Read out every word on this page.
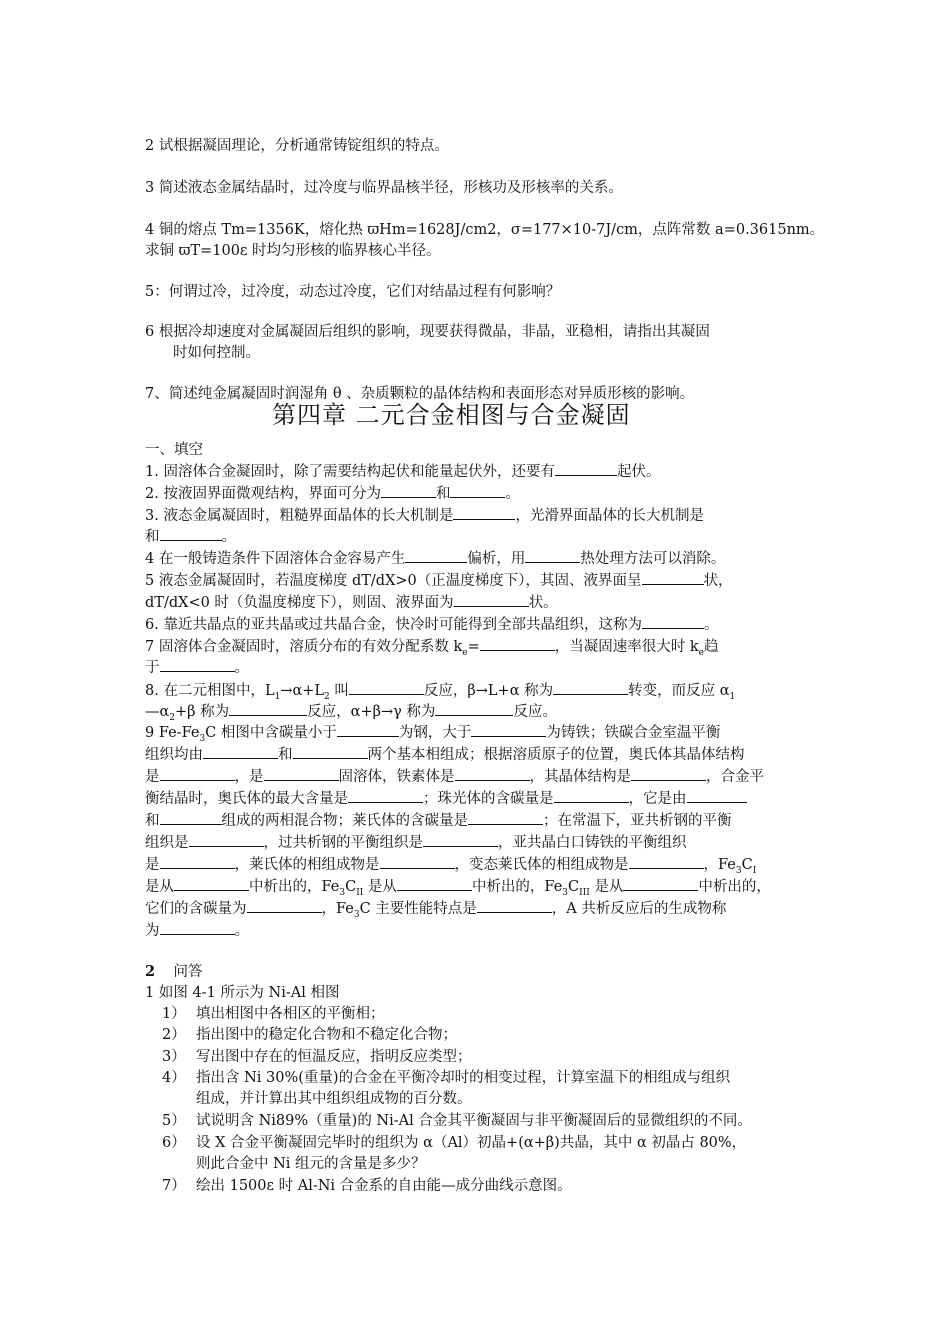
2 试根据凝固理论，分析通常铸锭组织的特点。
3 简述液态金属结晶时，过冷度与临界晶核半径，形核功及形核率的关系。
4 铜的熔点 Tm=1356K，熔化热 ϖHm=1628J/cm2，σ=177×10-7J/cm，点阵常数 a=0.3615nm。
求铜 ϖT=100ε 时均匀形核的临界核心半径。
5：何谓过冷，过冷度，动态过冷度，它们对结晶过程有何影响？
6 根据冷却速度对金属凝固后组织的影响，现要获得微晶，非晶，亚稳相，请指出其凝固
时如何控制。
7、简述纯金属凝固时润湿角 θ 、杂质颗粒的晶体结构和表面形态对异质形核的影响。
第四章 二元合金相图与合金凝固
一、填空
1. 固溶体合金凝固时，除了需要结构起伏和能量起伏外，还要有	起伏。
2. 按液固界面微观结构，界面可分为	和	。
3. 液态金属凝固时，粗糙界面晶体的长大机制是	，光滑界面晶体的长大机制是
和	。
4 在一般铸造条件下固溶体合金容易产生	偏析，用	热处理方法可以消除。
5 液态金属凝固时，若温度梯度 dT/dX>0（正温度梯度下），其固、液界面呈	状，
dT/dX<0 时（负温度梯度下），则固、液界面为	状。
6. 靠近共晶点的亚共晶或过共晶合金，快冷时可能得到全部共晶组织，这称为	。
7 固溶体合金凝固时，溶质分布的有效分配系数 $k_e=$	，当凝固速率很大时 $k_e$趋
于	。
8. 在二元相图中，$L_1\to\alpha+L_2$ 叫	反应，β→L+α 称为	转变，而反应 $\alpha_1$
$—\alpha_2+\beta$ 称为	反应，α+β→γ 称为	反应。
9 $Fe-Fe_3C$ 相图中含碳量小于	为钢，大于	为铸铁；铁碳合金室温平衡
组织均由	和	两个基本相组成；根据溶质原子的位置，奥氏体其晶体结构
是	，是	固溶体，铁素体是	，其晶体结构是	，合金平
衡结晶时，奥氏体的最大含量是	；珠光体的含碳量是	，它是由
和	组成的两相混合物；莱氏体的含碳量是	；在常温下，亚共析钢的平衡
组织是	，过共析钢的平衡组织是	，亚共晶白口铸铁的平衡组织
是	，莱氏体的相组成物是	，变态莱氏体的相组成物是	，$Fe_3C_I$
是从	中析出的，$Fe_3C_{II}$ 是从	中析出的，$Fe_3C_{III}$ 是从	中析出的，
它们的含碳量为	，$Fe_3C$ 主要性能特点是	，A 共析反应后的生成物称
为	。
2 问答
1 如图 4-1 所示为 Ni-Al 相图
1） 填出相图中各相区的平衡相；
2） 指出图中的稳定化合物和不稳定化合物；
3） 写出图中存在的恒温反应，指明反应类型；
4） 指出含 Ni 30%(重量)的合金在平衡冷却时的相变过程，计算室温下的相组成与组织
组成，并计算出其中组织组成物的百分数。
5） 试说明含 Ni89%（重量)的 Ni-Al 合金其平衡凝固与非平衡凝固后的显微组织的不同。
6） 设 X 合金平衡凝固完毕时的组织为 α（Al）初晶+(α+β)共晶，其中 α 初晶占 80%，
则此合金中 Ni 组元的含量是多少？
7） 绘出 1500ε 时 Al-Ni 合金系的自由能—成分曲线示意图。
